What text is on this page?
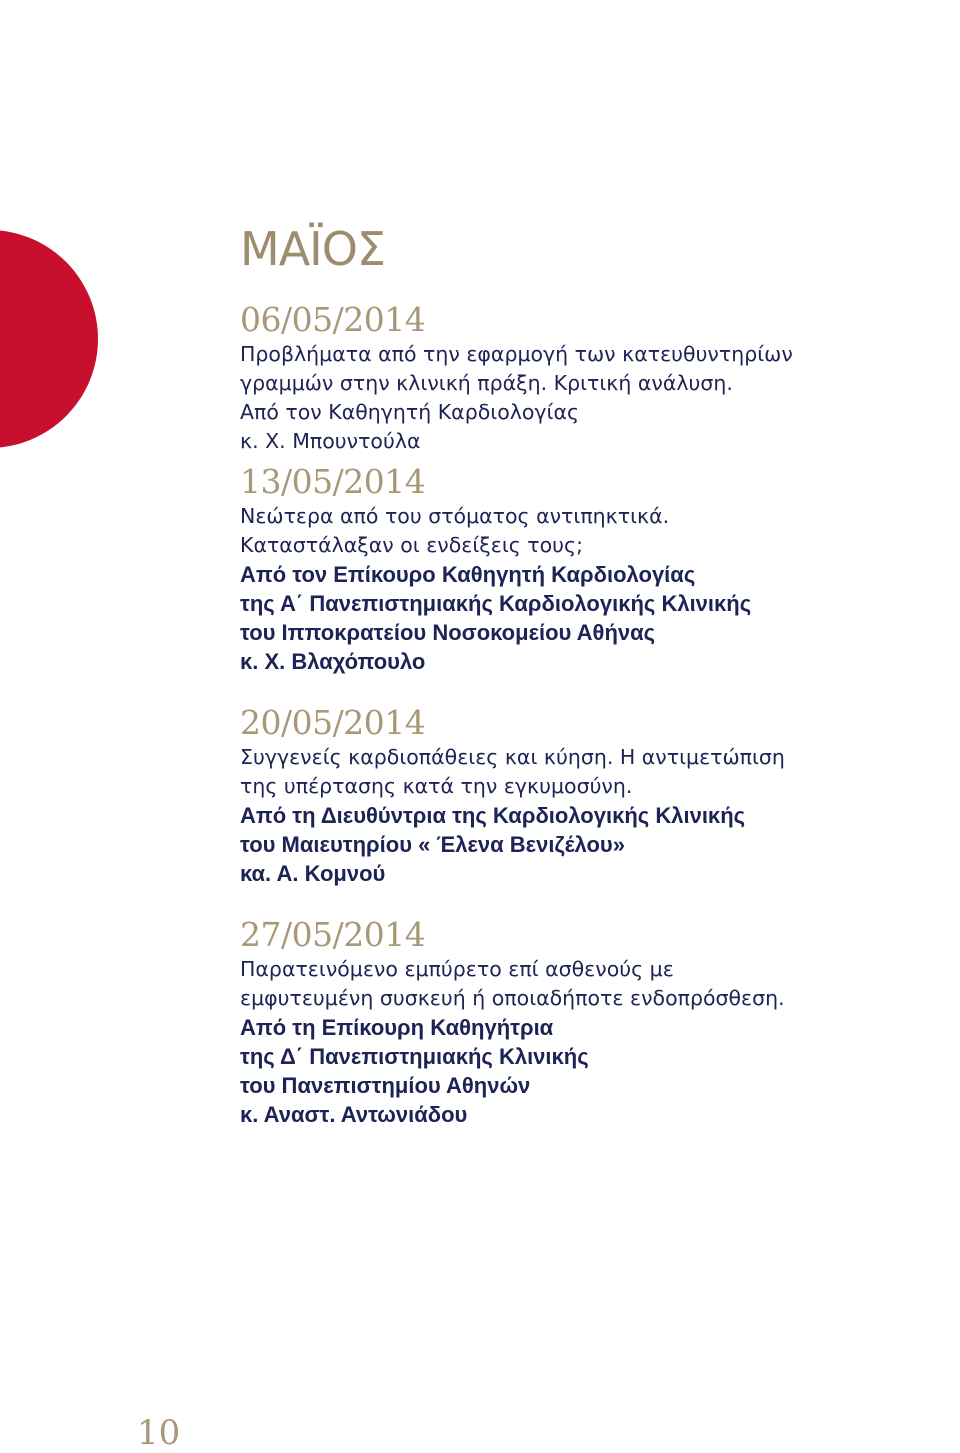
ΜΑΪΟΣ
06/05/2014
Προβλήματα από την εφαρμογή των κατευθυντηρίων
γραμμών στην κλινική πράξη. Κριτική ανάλυση.
Από τον Καθηγητή Καρδιολογίας
κ. Χ. Μπουντούλα
13/05/2014
Νεώτερα από του στόματος αντιπηκτικά.
Καταστάλαξαν οι ενδείξεις τους;
Από τον Επίκουρο Καθηγητή Καρδιολογίας
της Α΄ Πανεπιστημιακής Καρδιολογικής Κλινικής
του Ιπποκρατείου Νοσοκομείου Αθήνας
κ. Χ. Βλαχόπουλο
20/05/2014
Συγγενείς καρδιοπάθειες και κύηση. Η αντιμετώπιση
της υπέρτασης κατά την εγκυμοσύνη.
Από τη Διευθύντρια της Καρδιολογικής Κλινικής
του Μαιευτηρίου « Έλενα Βενιζέλου»
κα. Α. Κομνού
27/05/2014
Παρατεινόμενο εμπύρετο επί ασθενούς με
εμφυτευμένη συσκευή ή οποιαδήποτε ενδοπρόσθεση.
Από τη Επίκουρη Καθηγήτρια
της Δ΄ Πανεπιστημιακής Κλινικής
του Πανεπιστημίου Αθηνών
κ. Αναστ. Αντωνιάδου
10
